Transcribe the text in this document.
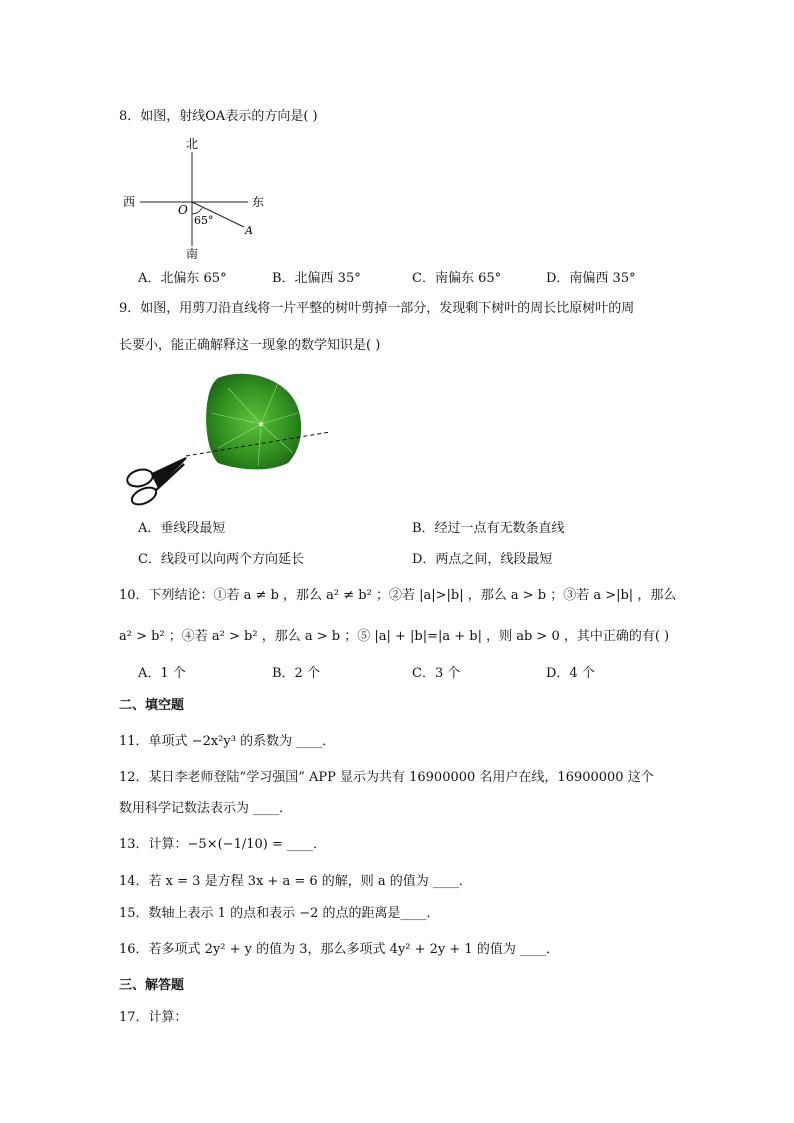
8．如图，射线OA表示的方向是( )
北
南
西	东
O
A
65°
A．北偏东 65°	B．北偏西 35°	C．南偏东 65°	D．南偏西 35°
9．如图，用剪刀沿直线将一片平整的树叶剪掉一部分，发现剩下树叶的周长比原树叶的周
长要小，能正确解释这一现象的数学知识是( )
A．垂线段最短	B．经过一点有无数条直线
C．线段可以向两个方向延长	D．两点之间，线段最短
10．下列结论：①若 a ≠ b ，那么 a² ≠ b² ；②若 |a|>|b| ，那么 a > b ；③若 a >|b| ，那么
a² > b² ；④若 a² > b² ，那么 a > b ；⑤ |a| + |b|=|a + b| ，则 ab > 0 ，其中正确的有( )
A．1 个	B．2 个	C．3 个	D．4 个
二、填空题
11．单项式 −2x²y³ 的系数为 ____．
12．某日李老师登陆“学习强国” APP 显示为共有 16900000 名用户在线，16900000 这个
数用科学记数法表示为 ____．
13．计算：−5×(−1/10) = ____．
14．若 x = 3 是方程 3x + a = 6 的解，则 a 的值为 ____．
15．数轴上表示 1 的点和表示 −2 的点的距离是____．
16．若多项式 2y² + y 的值为 3，那么多项式 4y² + 2y + 1 的值为 ____．
三、解答题
17．计算：
